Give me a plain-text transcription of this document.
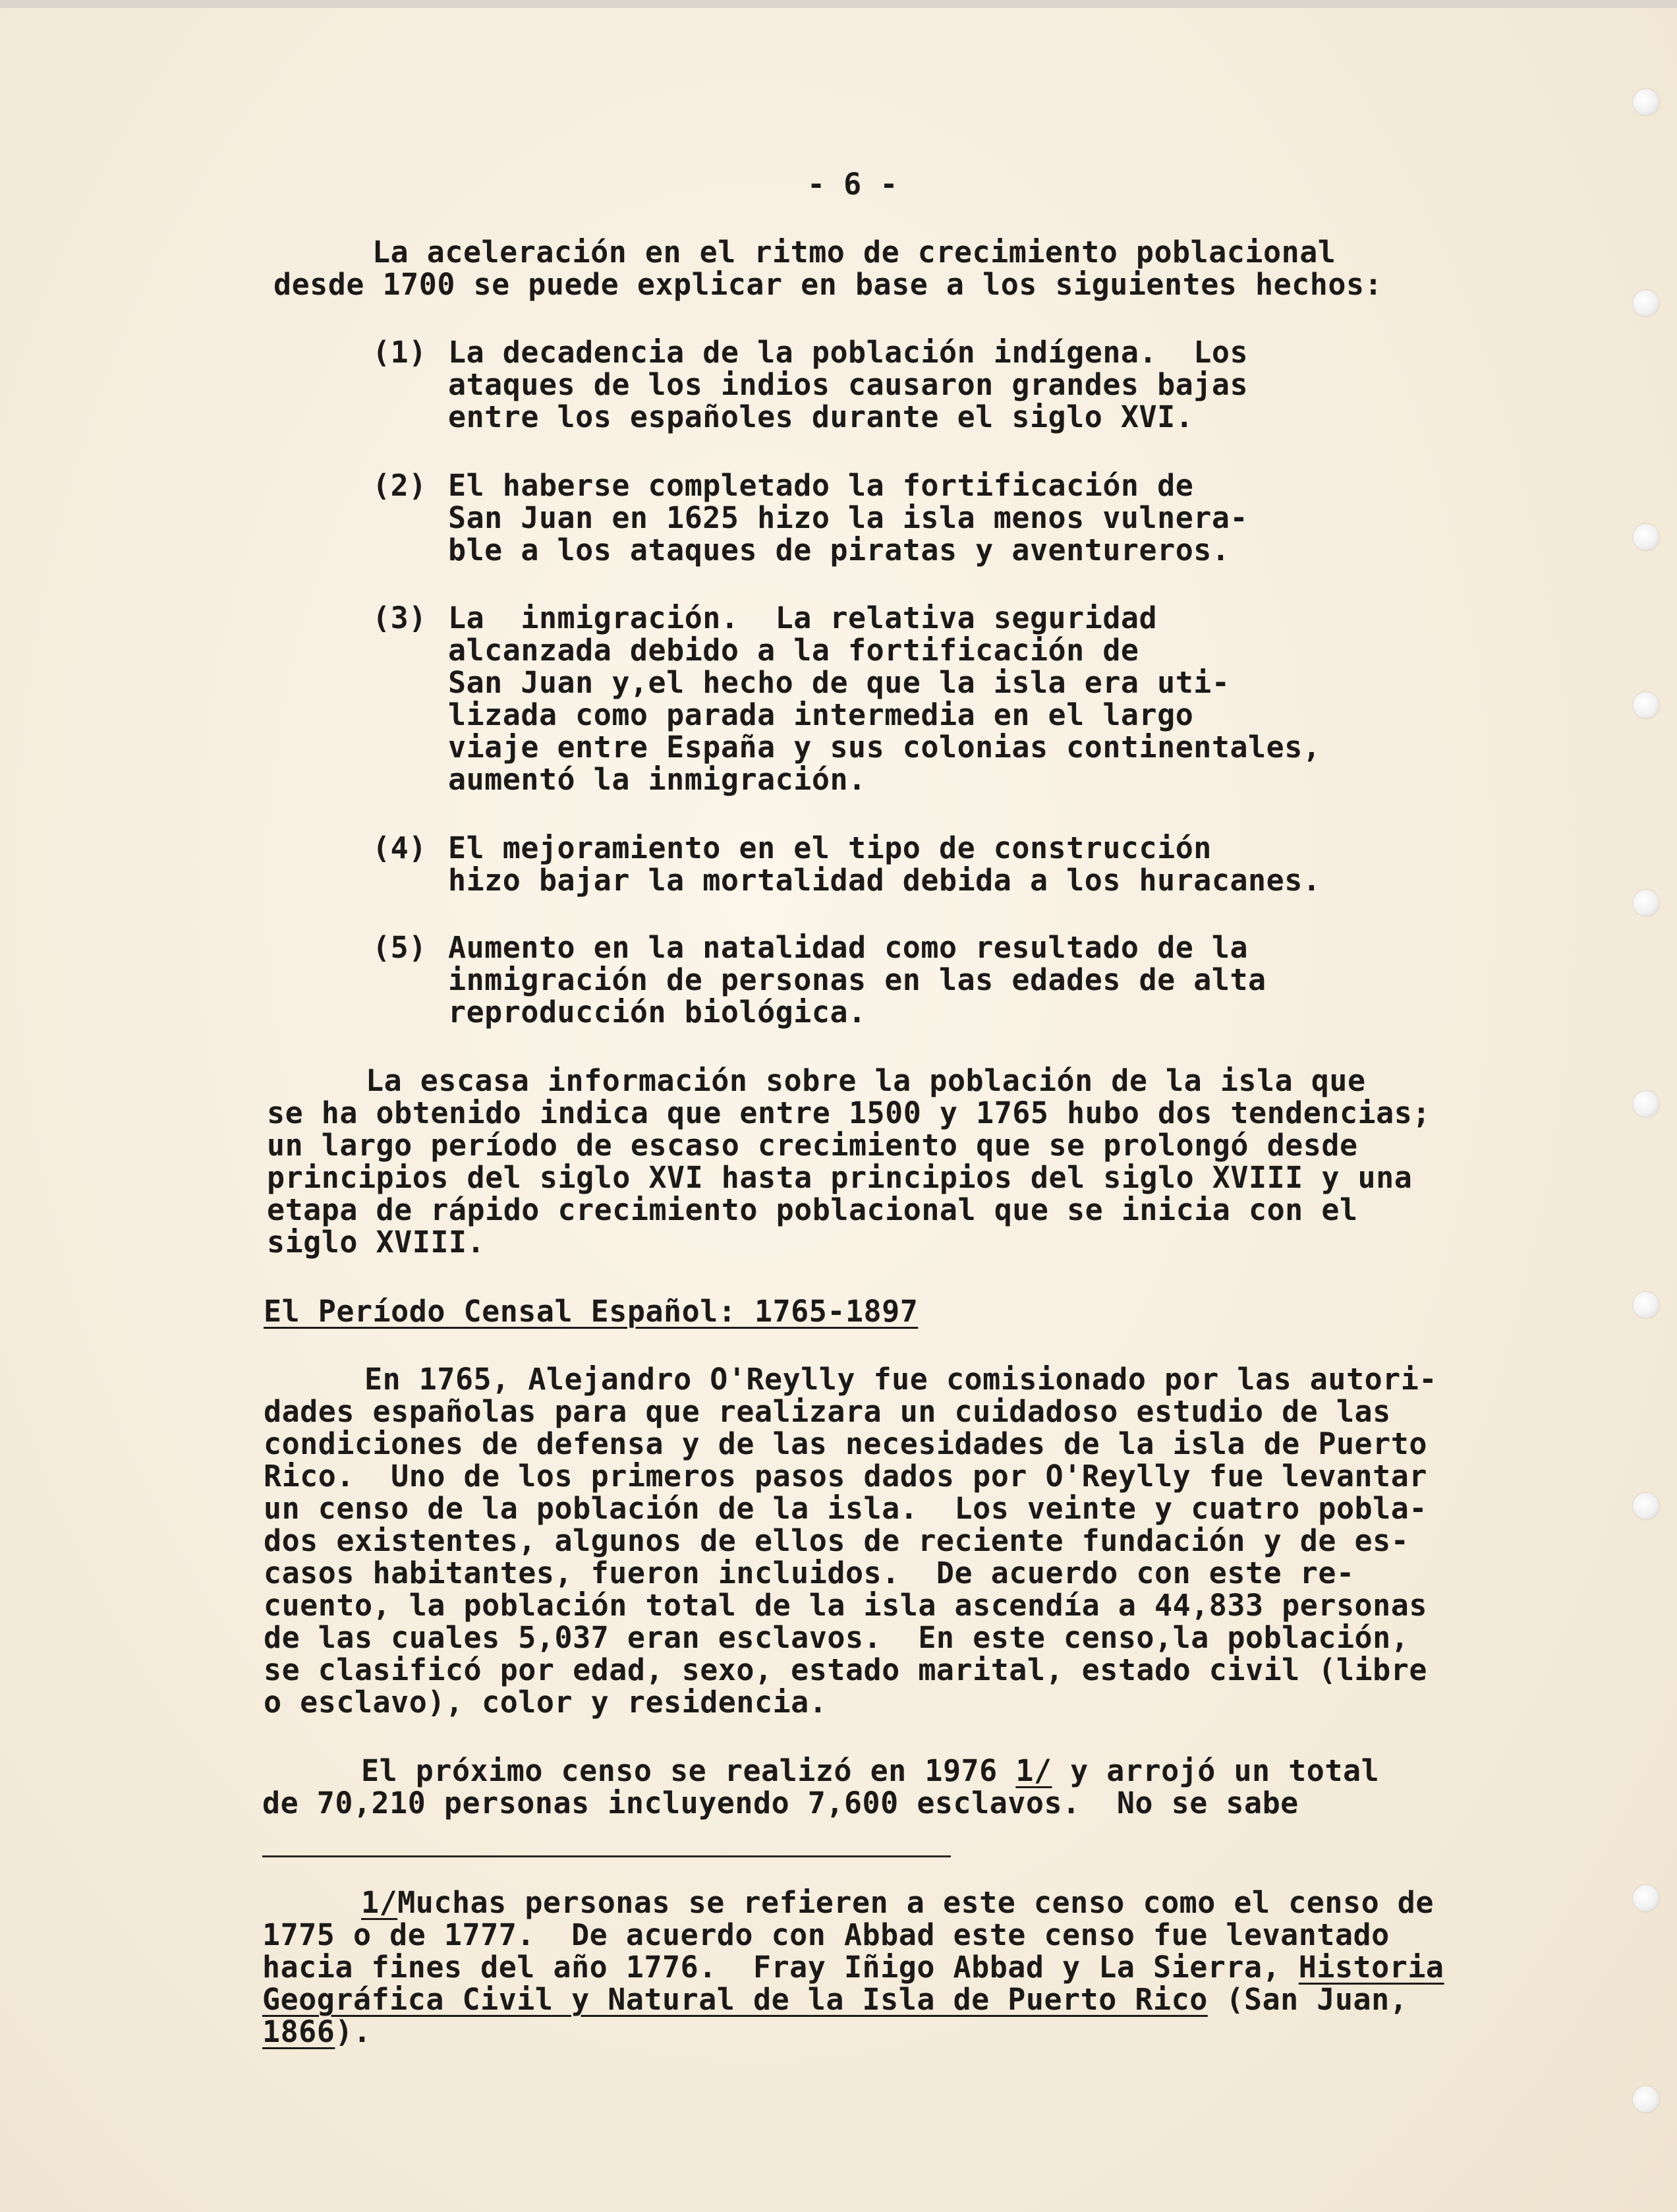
- 6 -
La aceleración en el ritmo de crecimiento poblacional
desde 1700 se puede explicar en base a los siguientes hechos:
(1) La decadencia de la población indígena.  Los
ataques de los indios causaron grandes bajas
entre los españoles durante el siglo XVI.
(2) El haberse completado la fortificación de
San Juan en 1625 hizo la isla menos vulnera-
ble a los ataques de piratas y aventureros.
(3) La  inmigración.  La relativa seguridad
alcanzada debido a la fortificación de
San Juan y,el hecho de que la isla era uti-
lizada como parada intermedia en el largo
viaje entre España y sus colonias continentales,
aumentó la inmigración.
(4) El mejoramiento en el tipo de construcción
hizo bajar la mortalidad debida a los huracanes.
(5) Aumento en la natalidad como resultado de la
inmigración de personas en las edades de alta
reproducción biológica.
La escasa información sobre la población de la isla que
se ha obtenido indica que entre 1500 y 1765 hubo dos tendencias;
un largo período de escaso crecimiento que se prolongó desde
principios del siglo XVI hasta principios del siglo XVIII y una
etapa de rápido crecimiento poblacional que se inicia con el
siglo XVIII.
El Período Censal Español: 1765-1897
En 1765, Alejandro O'Reylly fue comisionado por las autori-
dades españolas para que realizara un cuidadoso estudio de las
condiciones de defensa y de las necesidades de la isla de Puerto
Rico.  Uno de los primeros pasos dados por O'Reylly fue levantar
un censo de la población de la isla.  Los veinte y cuatro pobla-
dos existentes, algunos de ellos de reciente fundación y de es-
casos habitantes, fueron incluidos.  De acuerdo con este re-
cuento, la población total de la isla ascendía a 44,833 personas
de las cuales 5,037 eran esclavos.  En este censo,la población,
se clasificó por edad, sexo, estado marital, estado civil (libre
o esclavo), color y residencia.
El próximo censo se realizó en 1976 1/ y arrojó un total
de 70,210 personas incluyendo 7,600 esclavos.  No se sabe
1/Muchas personas se refieren a este censo como el censo de
1775 o de 1777.  De acuerdo con Abbad este censo fue levantado
hacia fines del año 1776.  Fray Iñigo Abbad y La Sierra, Historia
Geográfica Civil y Natural de la Isla de Puerto Rico (San Juan,
1866).
